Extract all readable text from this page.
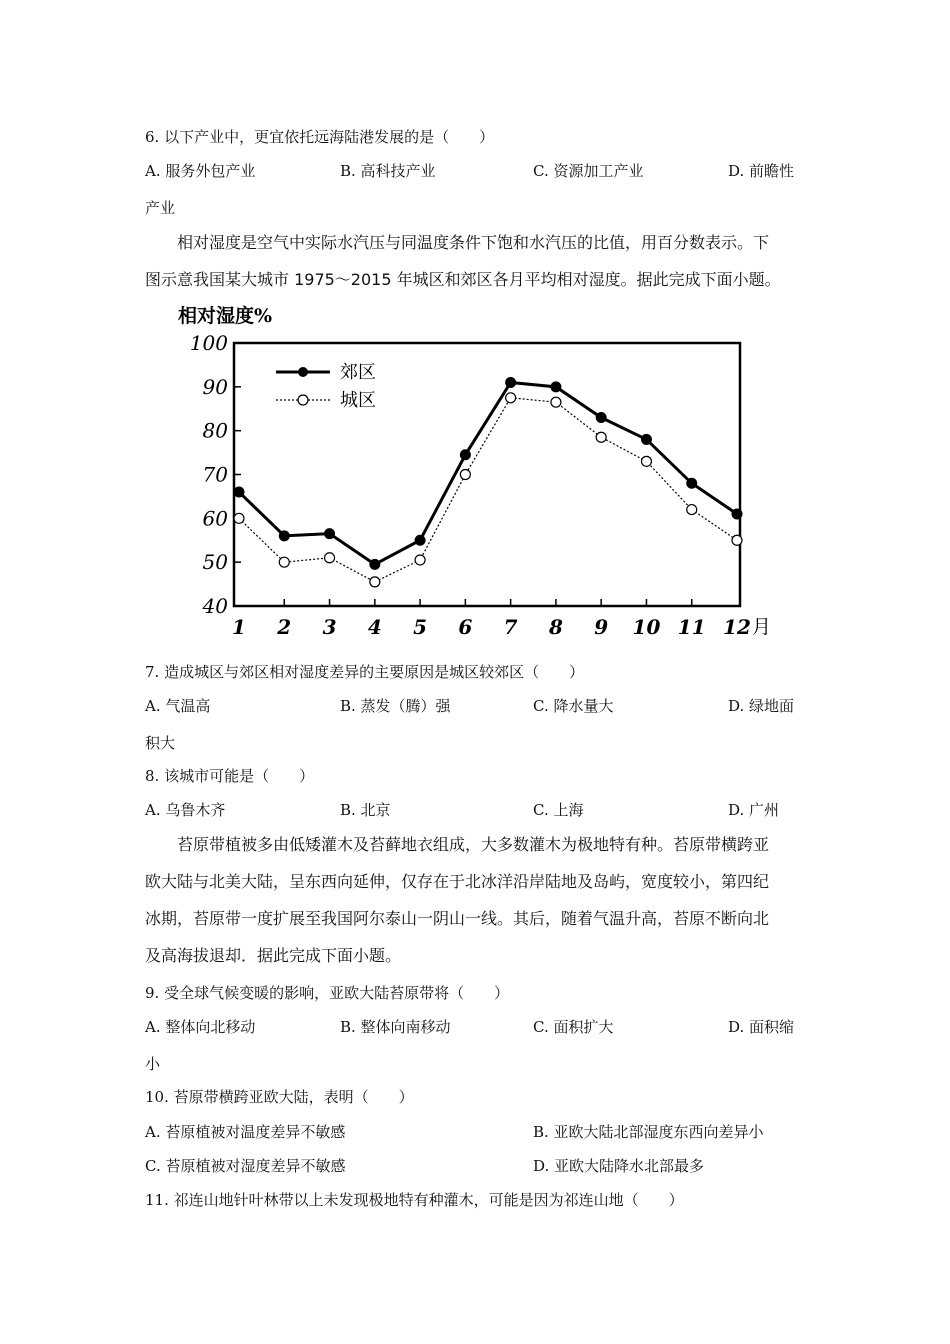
6. 以下产业中，更宜依托远海陆港发展的是（　　）
A. 服务外包产业	B. 高科技产业	C. 资源加工产业	D. 前瞻性
产业
相对湿度是空气中实际水汽压与同温度条件下饱和水汽压的比值，用百分数表示。下
图示意我国某大城市 1975～2015 年城区和郊区各月平均相对湿度。据此完成下面小题。
相对湿度%
40
50
60
70
80
90
100
1 2 3 4 5 6 7 8 9 10 11 12 月
郊区
城区
7. 造成城区与郊区相对湿度差异的主要原因是城区较郊区（　　）
A. 气温高	B. 蒸发（腾）强	C. 降水量大	D. 绿地面
积大
8. 该城市可能是（　　）
A. 乌鲁木齐	B. 北京	C. 上海	D. 广州
苔原带植被多由低矮灌木及苔藓地衣组成，大多数灌木为极地特有种。苔原带横跨亚
欧大陆与北美大陆，呈东西向延伸，仅存在于北冰洋沿岸陆地及岛屿，宽度较小，第四纪
冰期，苔原带一度扩展至我国阿尔泰山一阴山一线。其后，随着气温升高，苔原不断向北
及高海拔退却．据此完成下面小题。
9. 受全球气候变暖的影响，亚欧大陆苔原带将（　　）
A. 整体向北移动	B. 整体向南移动	C. 面积扩大	D. 面积缩
小
10. 苔原带横跨亚欧大陆，表明（　　）
A. 苔原植被对温度差异不敏感	B. 亚欧大陆北部湿度东西向差异小
C. 苔原植被对湿度差异不敏感	D. 亚欧大陆降水北部最多
11. 祁连山地针叶林带以上未发现极地特有种灌木，可能是因为祁连山地（　　）
